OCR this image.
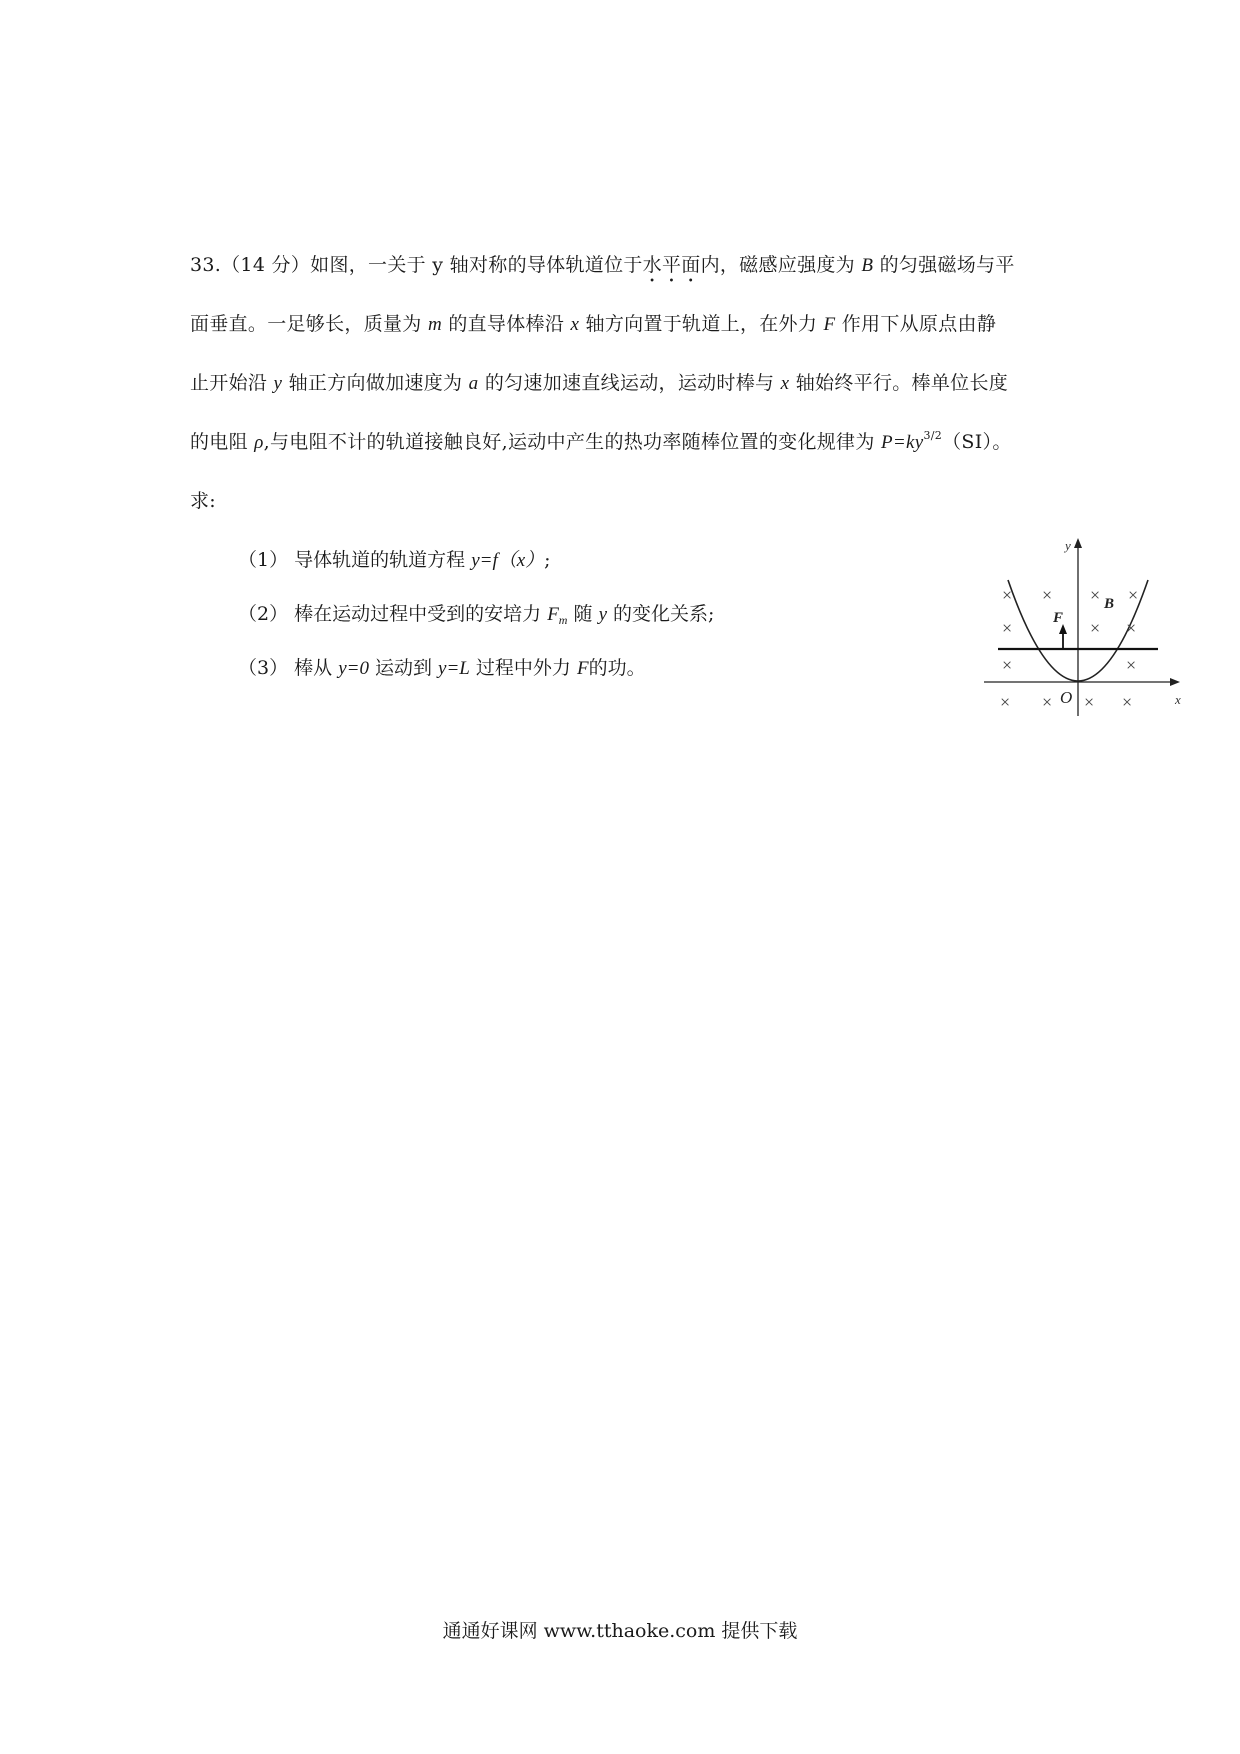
33.（14 分）如图，一关于 y 轴对称的导体轨道位于水平面内，磁感应强度为 B 的匀强磁场与平
面垂直。一足够长，质量为 m 的直导体棒沿 x 轴方向置于轨道上，在外力 F 作用下从原点由静
止开始沿 y 轴正方向做加速度为 a 的匀速加速直线运动，运动时棒与 x 轴始终平行。棒单位长度
的电阻 ρ,与电阻不计的轨道接触良好,运动中产生的热功率随棒位置的变化规律为 $P=ky^{3/2}(SI)$。
求:
（1） 导体轨道的轨道方程 y=f（x）;
（2） 棒在运动过程中受到的安培力 $F_m$ 随 y 的变化关系;
（3） 棒从 y=0 运动到 y=L 过程中外力 F的功。
y
x
F
B
O
× × × ×
×	× ×
×	×
× × × ×
通通好课网 www.tthaoke.com 提供下载
